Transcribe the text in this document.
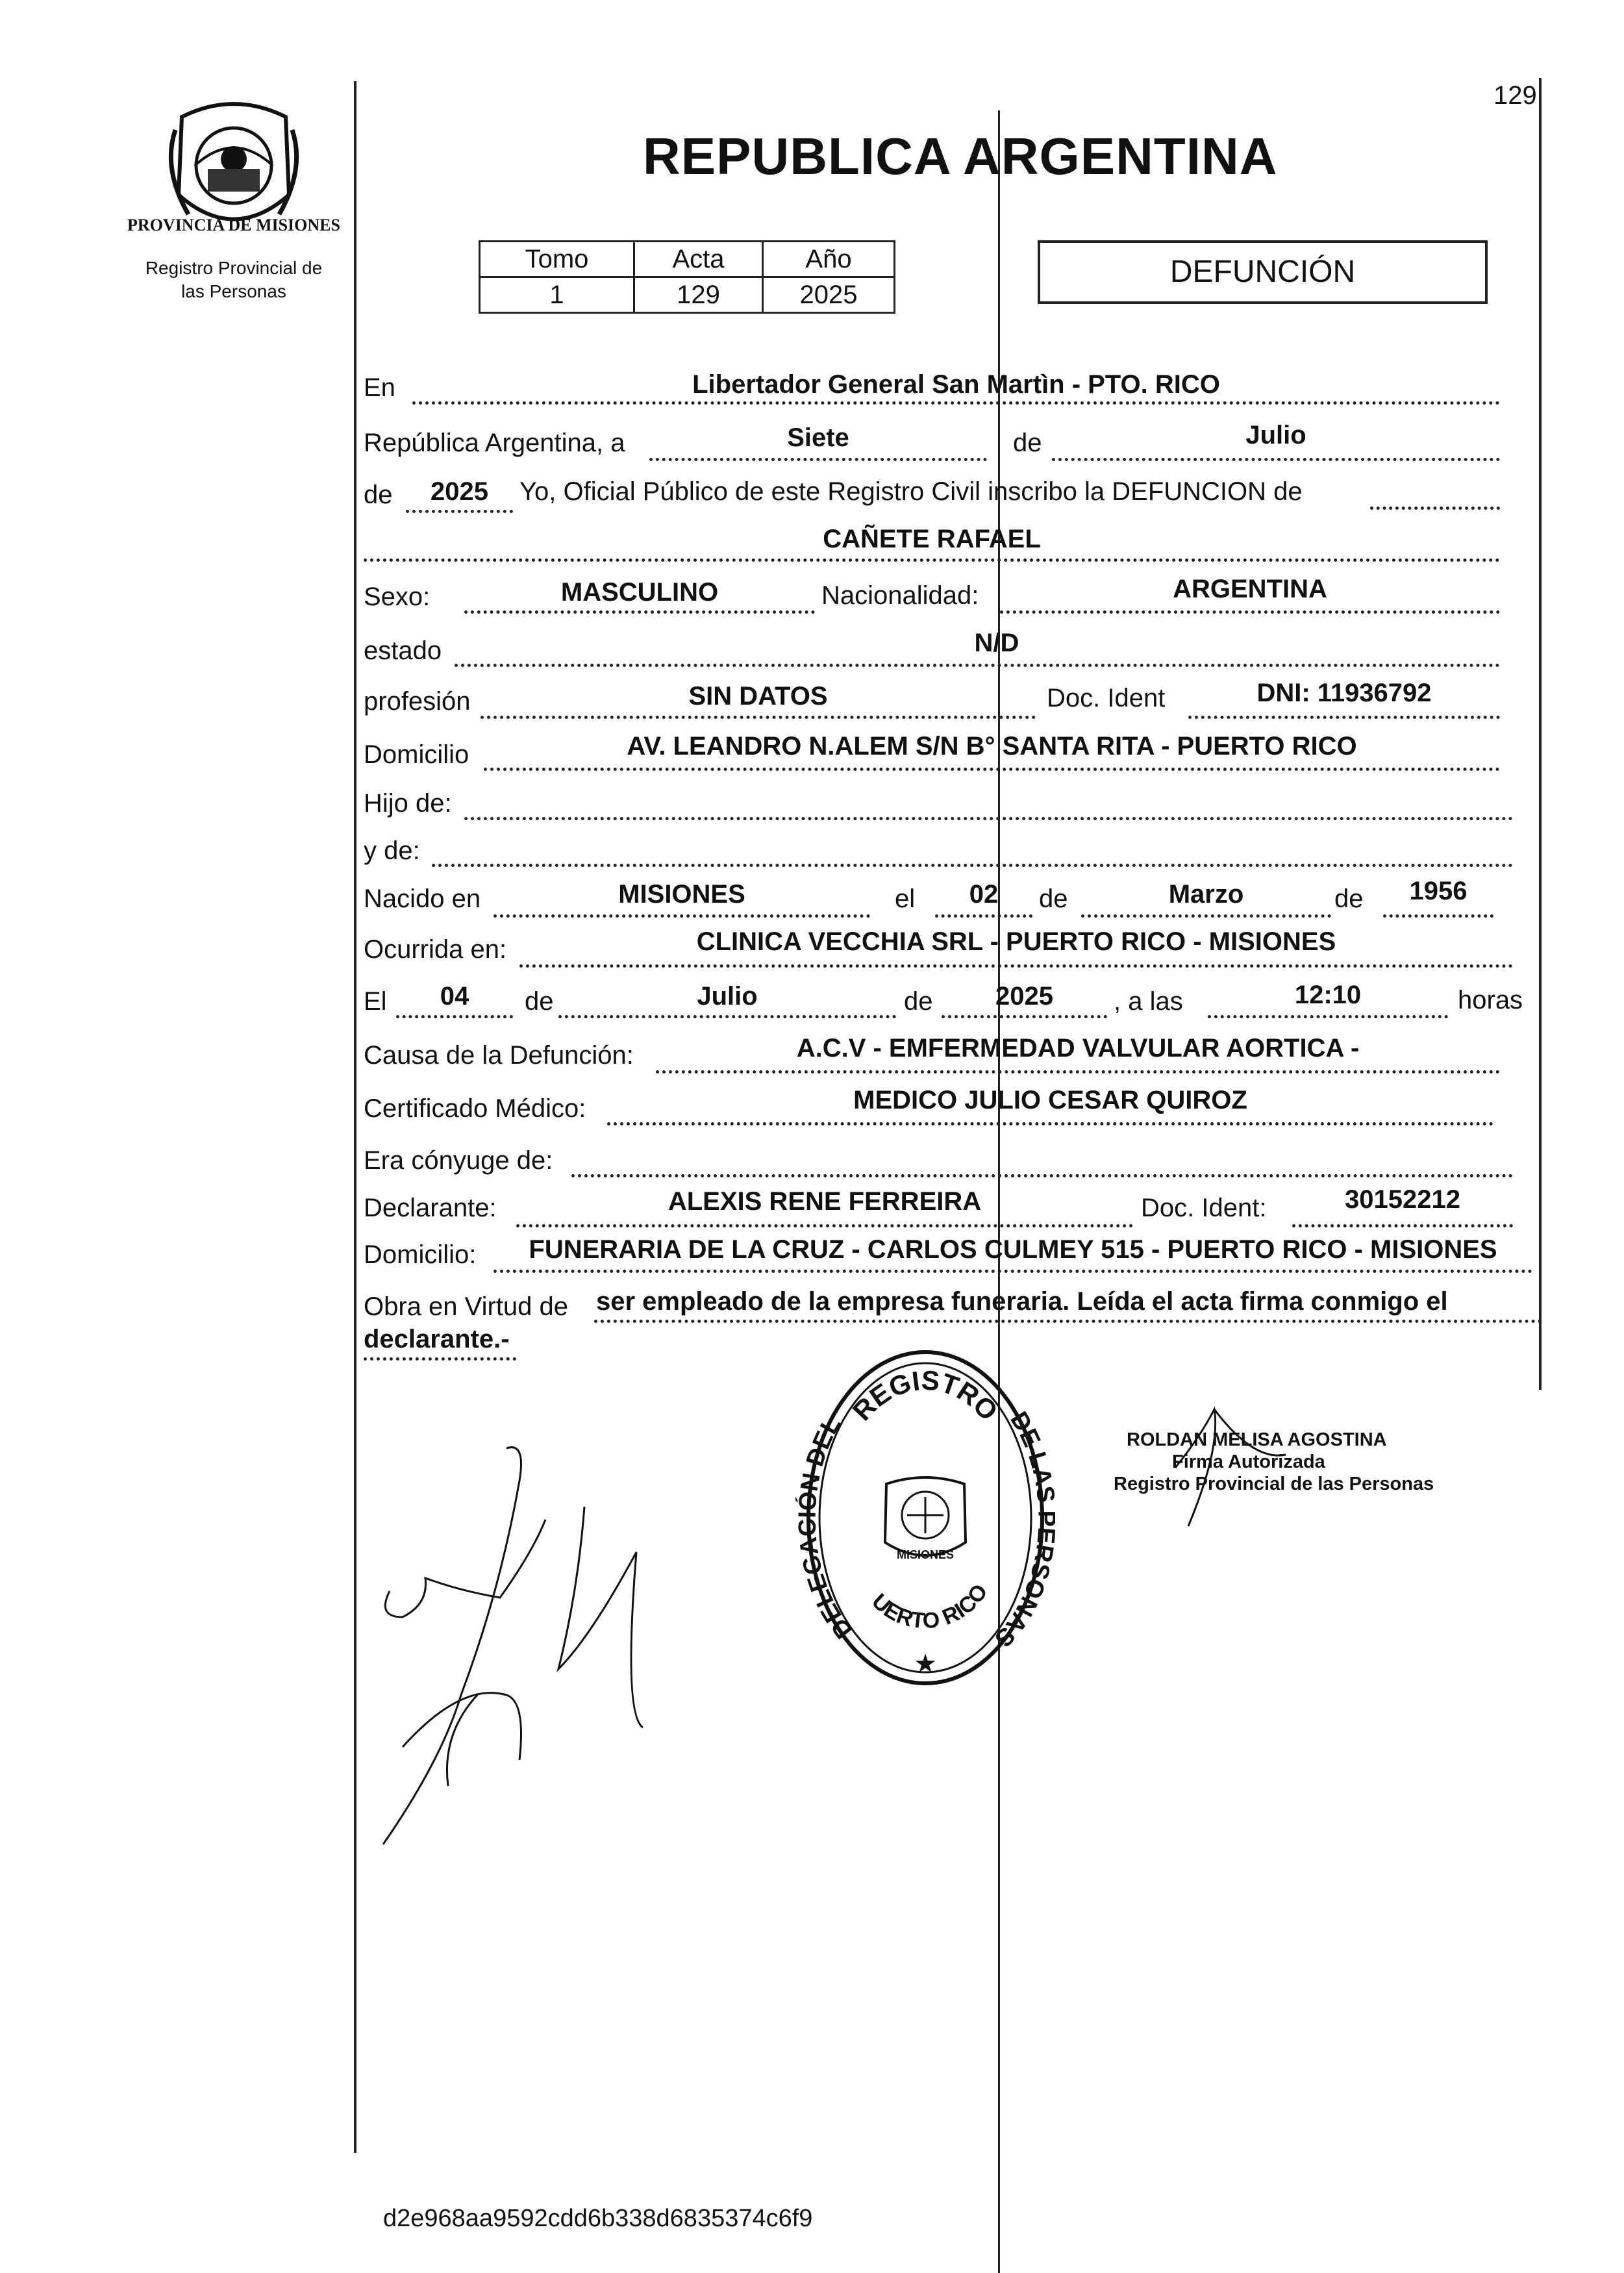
129
PROVINCIA DE MISIONES
Registro Provincial de
las Personas
REPUBLICA ARGENTINA
Tomo	Acta	Año
1	129	2025
DEFUNCIÓN
En	Libertador General San Martìn - PTO. RICO
República Argentina, a	Siete	de	Julio
de	2025	Yo, Oficial Público de este Registro Civil inscribo la DEFUNCION de
CAÑETE RAFAEL
Sexo:	MASCULINO	Nacionalidad:	ARGENTINA
estado	N/D
profesión	SIN DATOS	Doc. Ident	DNI: 11936792
Domicilio	AV. LEANDRO N.ALEM S/N B° SANTA RITA - PUERTO RICO
Hijo de:
y de:
Nacido en	MISIONES	el	02	de	Marzo	de	1956
Ocurrida en:	CLINICA VECCHIA SRL - PUERTO RICO - MISIONES
El	04	de	Julio	de	2025	, a las	12:10	horas
Causa de la Defunción:	A.C.V - EMFERMEDAD VALVULAR AORTICA -
Certificado Médico:	MEDICO JULIO CESAR QUIROZ
Era cónyuge de:
Declarante:	ALEXIS RENE FERREIRA	Doc. Ident:	30152212
Domicilio:	FUNERARIA DE LA CRUZ - CARLOS CULMEY 515 - PUERTO RICO - MISIONES
Obra en Virtud de ser empleado de la empresa funeraria. Leída el acta firma conmigo el
declarante.-
REGISTRO
DELEGACIÓN DEL	DE LA SONAS
UERTO RICO
MISIONES
★
ROLDAN MELISA AGOSTINA
Firma Autorizada
Registro Provincial de las Personas
d2e968aa9592cdd6b338d6835374c6f9
